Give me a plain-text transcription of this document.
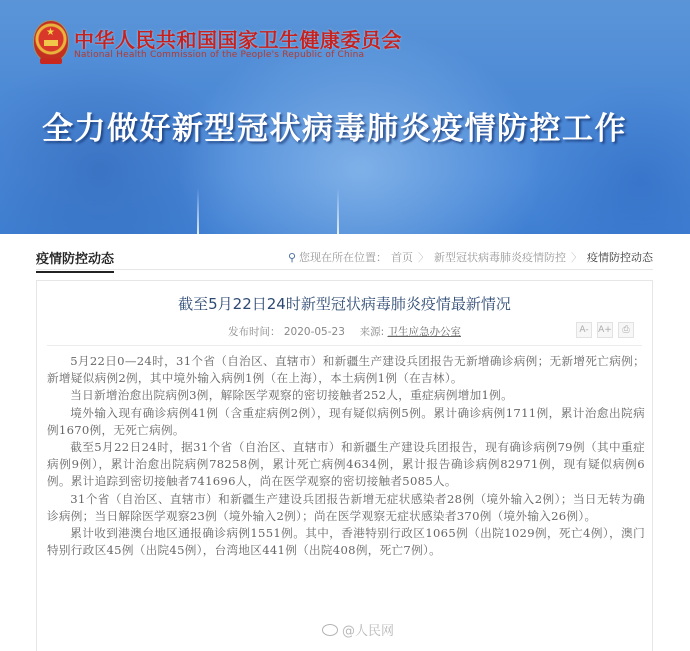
★ 中华人民共和国国家卫生健康委员会
National Health Commission of the People's Republic of China
全力做好新型冠状病毒肺炎疫情防控工作
疫情防控动态	⚲ 您现在所在位置： 首页 〉 新型冠状病毒肺炎疫情防控 〉 疫情防控动态
截至5月22日24时新型冠状病毒肺炎疫情最新情况
发布时间： 2020-05-23 来源: 卫生应急办公室	A-	A+	⎙

5月22日0—24时，31个省（自治区、直辖市）和新疆生产建设兵团报告无新增确诊病例；无新增死亡病例；新增疑似病例2例，其中境外输入病例1例（在上海），本土病例1例（在吉林）。

当日新增治愈出院病例3例，解除医学观察的密切接触者252人，重症病例增加1例。

境外输入现有确诊病例41例（含重症病例2例），现有疑似病例5例。累计确诊病例1711例，累计治愈出院病例1670例，无死亡病例。

截至5月22日24时，据31个省（自治区、直辖市）和新疆生产建设兵团报告，现有确诊病例79例（其中重症病例9例），累计治愈出院病例78258例，累计死亡病例4634例，累计报告确诊病例82971例，现有疑似病例6例。累计追踪到密切接触者741696人，尚在医学观察的密切接触者5085人。

31个省（自治区、直辖市）和新疆生产建设兵团报告新增无症状感染者28例（境外输入2例）；当日无转为确诊病例；当日解除医学观察23例（境外输入2例）；尚在医学观察无症状感染者370例（境外输入26例）。

累计收到港澳台地区通报确诊病例1551例。其中，香港特别行政区1065例（出院1029例，死亡4例），澳门特别行政区45例（出院45例），台湾地区441例（出院408例，死亡7例）。

@人民网
